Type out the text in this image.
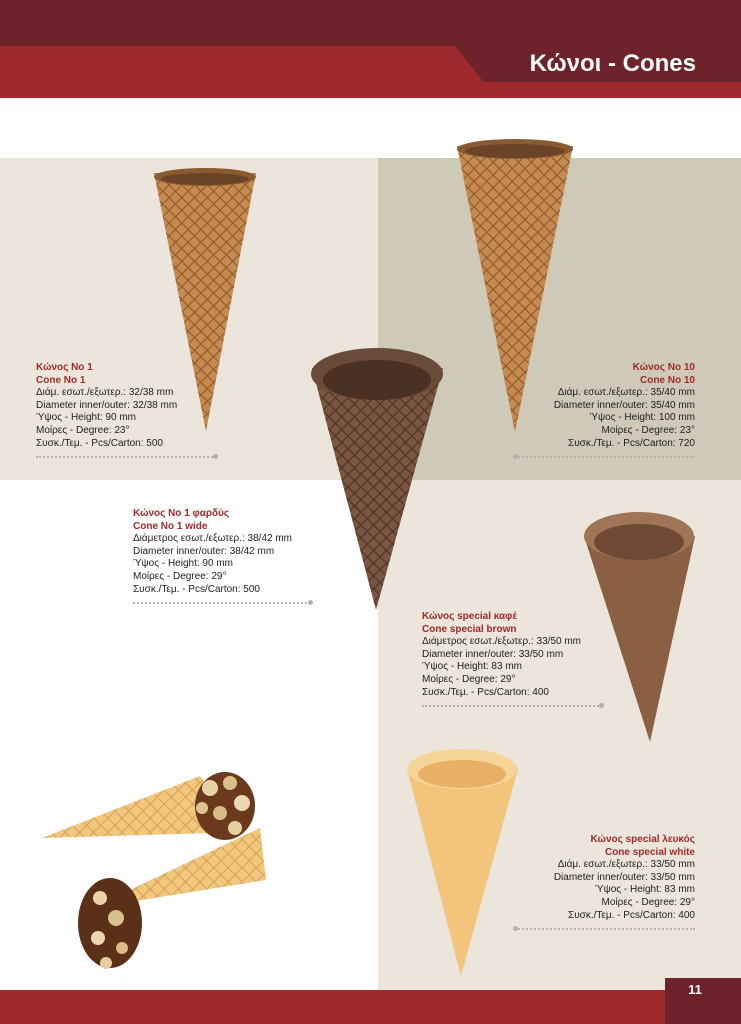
Κώνοι - Cones
11
Κώνος No 1
Cone No 1
Διάμ. εσωτ./εξωτερ.: 32/38 mm
Diameter inner/outer: 32/38 mm
Ύψος - Height: 90 mm
Μοίρες - Degree: 23°
Συσκ./Τεμ. - Pcs/Carton: 500
Κώνος No 10
Cone No 10
Διάμ. εσωτ./εξωτερ.: 35/40 mm
Diameter inner/outer: 35/40 mm
Ύψος - Height: 100 mm
Μοίρες - Degree: 23°
Συσκ./Τεμ. - Pcs/Carton: 720
Κώνος No 1 φαρδύς
Cone No 1 wide
Διάμετρος εσωτ./εξωτερ.: 38/42 mm
Diameter inner/outer: 38/42 mm
Ύψος - Height: 90 mm
Μοίρες - Degree: 29°
Συσκ./Τεμ. - Pcs/Carton: 500
Κώνος special καφέ
Cone special brown
Διάμετρος εσωτ./εξωτερ.: 33/50 mm
Diameter inner/outer: 33/50 mm
Ύψος - Height: 83 mm
Μοίρες - Degree: 29°
Συσκ./Τεμ. - Pcs/Carton: 400
Κώνος special λευκός
Cone special white
Διάμ. εσωτ./εξωτερ.: 33/50 mm
Diameter inner/outer: 33/50 mm
Ύψος - Height: 83 mm
Μοίρες - Degree: 29°
Συσκ./Τεμ. - Pcs/Carton: 400
